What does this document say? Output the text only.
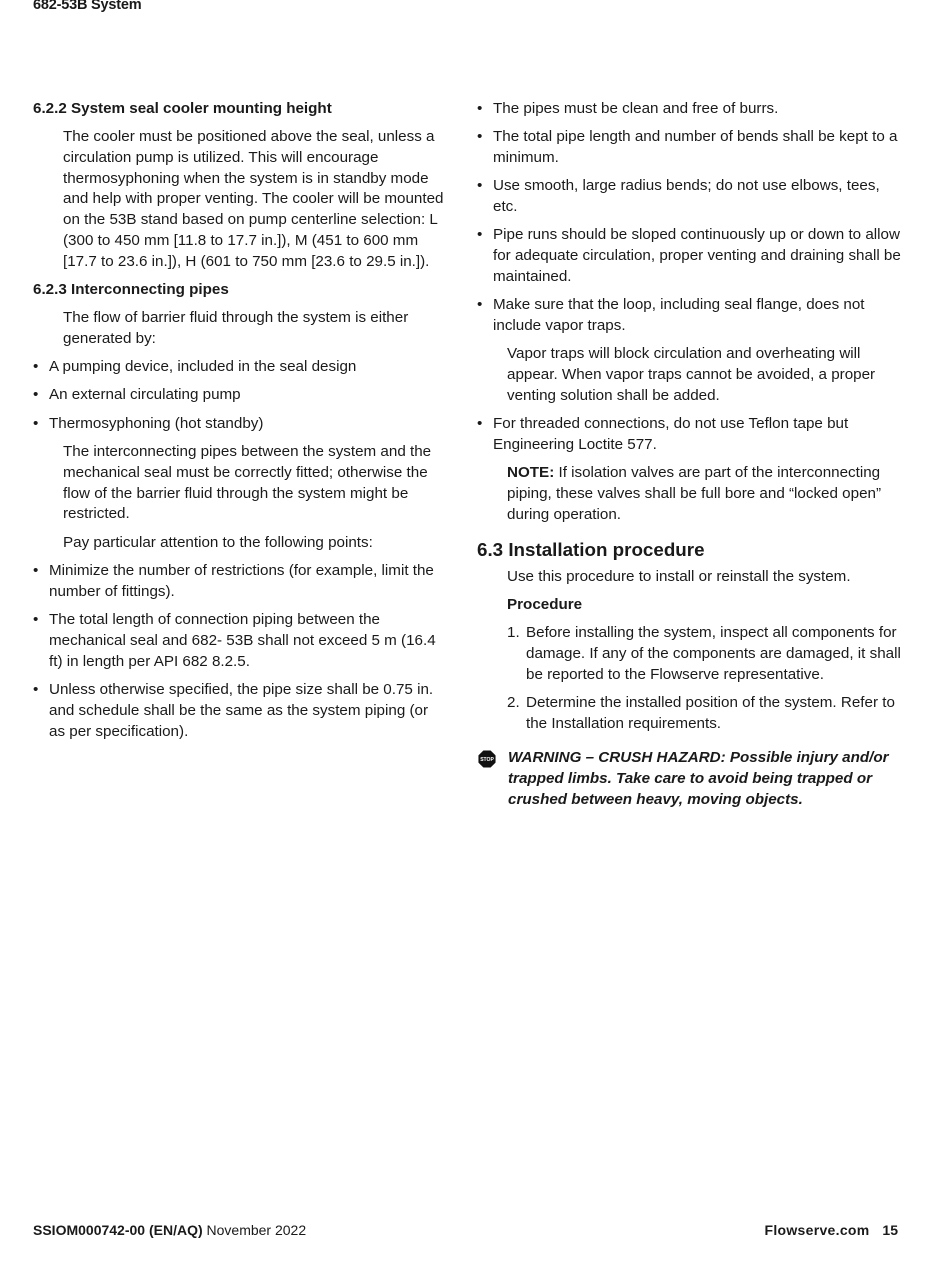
682-53B System
6.2.2 System seal cooler mounting height
The cooler must be positioned above the seal, unless a circulation pump is utilized. This will encourage thermosyphoning when the system is in standby mode and help with proper venting. The cooler will be mounted on the 53B stand based on pump centerline selection: L (300 to 450 mm [11.8 to 17.7 in.]), M (451 to 600 mm [17.7 to 23.6 in.]), H (601 to 750 mm [23.6 to 29.5 in.]).
6.2.3 Interconnecting pipes
The flow of barrier fluid through the system is either generated by:
• A pumping device, included in the seal design
• An external circulating pump
• Thermosyphoning (hot standby)
The interconnecting pipes between the system and the mechanical seal must be correctly fitted; otherwise the flow of the barrier fluid through the system might be restricted.
Pay particular attention to the following points:
• Minimize the number of restrictions (for example, limit the number of fittings).
• The total length of connection piping between the mechanical seal and 682- 53B shall not exceed 5 m (16.4 ft) in length per API 682 8.2.5.
• Unless otherwise specified, the pipe size shall be 0.75 in. and schedule shall be the same as the system piping (or as per specification).
• The pipes must be clean and free of burrs.
• The total pipe length and number of bends shall be kept to a minimum.
• Use smooth, large radius bends; do not use elbows, tees, etc.
• Pipe runs should be sloped continuously up or down to allow for adequate circulation, proper venting and draining shall be maintained.
• Make sure that the loop, including seal flange, does not include vapor traps.
Vapor traps will block circulation and overheating will appear. When vapor traps cannot be avoided, a proper venting solution shall be added.
• For threaded connections, do not use Teflon tape but Engineering Loctite 577.
NOTE: If isolation valves are part of the interconnecting piping, these valves shall be full bore and “locked open” during operation.
6.3 Installation procedure
Use this procedure to install or reinstall the system.
Procedure
1. Before installing the system, inspect all components for damage. If any of the components are damaged, it shall be reported to the Flowserve representative.
2. Determine the installed position of the system. Refer to the Installation requirements.
STOP WARNING – CRUSH HAZARD: Possible injury and/or trapped limbs. Take care to avoid being trapped or crushed between heavy, moving objects.
SSIOM000742-00 (EN/AQ) November 2022	Flowserve.com 15
